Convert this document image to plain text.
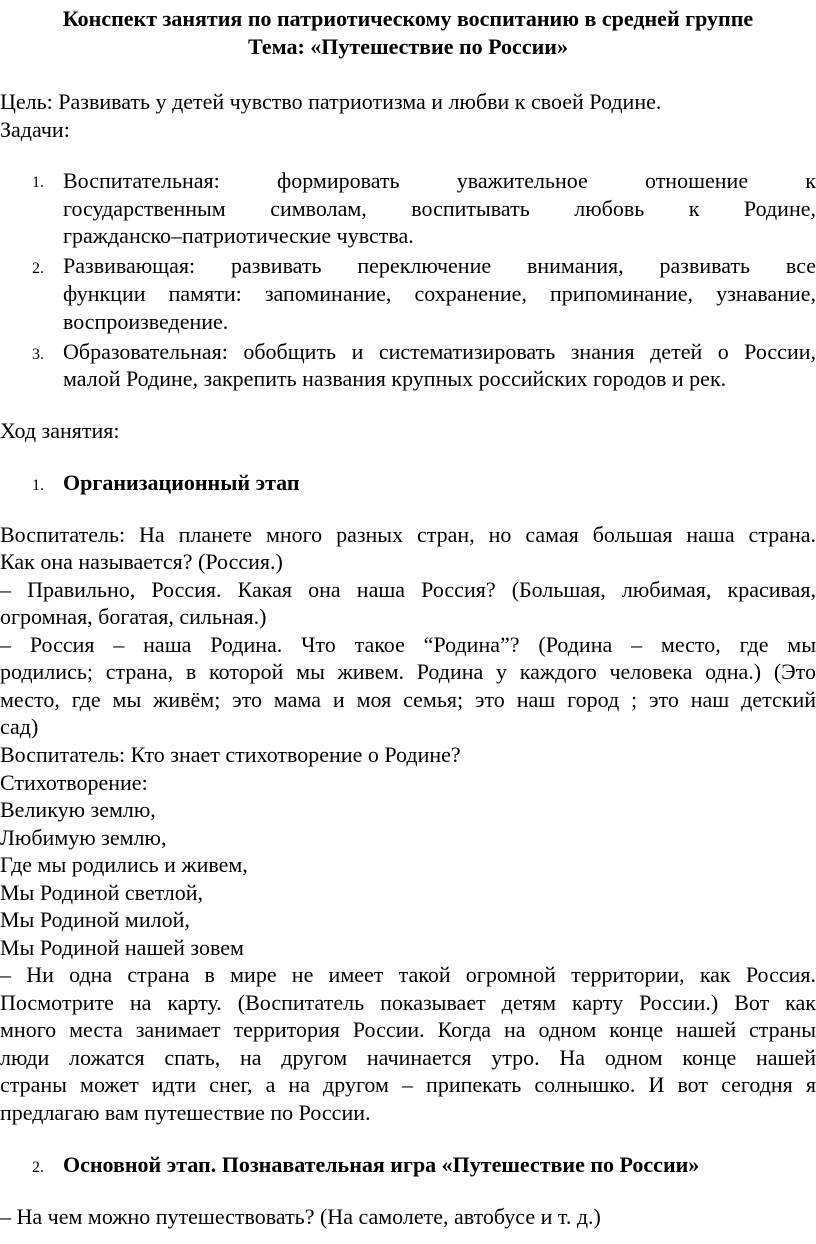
Конспект занятия по патриотическому воспитанию в средней группе
Тема: «Путешествие по России»
Цель: Развивать у детей чувство патриотизма и любви к своей Родине.
Задачи:
1. Воспитательная: формировать уважительное отношение к
государственным символам, воспитывать любовь к Родине,
гражданско–патриотические чувства.
2. Развивающая: развивать переключение внимания, развивать все
функции памяти: запоминание, сохранение, припоминание, узнавание,
воспроизведение.
3. Образовательная: обобщить и систематизировать знания детей о России,
малой Родине, закрепить названия крупных российских городов и рек.
Ход занятия:
1. Организационный этап
Воспитатель: На планете много разных стран, но самая большая наша страна.
Как она называется? (Россия.)
– Правильно, Россия. Какая она наша Россия? (Большая, любимая, красивая,
огромная, богатая, сильная.)
– Россия – наша Родина. Что такое “Родина”? (Родина – место, где мы
родились; страна, в которой мы живем. Родина у каждого человека одна.) (Это
место, где мы живём; это мама и моя семья; это наш город ; это наш детский
сад)
Воспитатель: Кто знает стихотворение о Родине?
Стихотворение:
Великую землю,
Любимую землю,
Где мы родились и живем,
Мы Родиной светлой,
Мы Родиной милой,
Мы Родиной нашей зовем
– Ни одна страна в мире не имеет такой огромной территории, как Россия.
Посмотрите на карту. (Воспитатель показывает детям карту России.) Вот как
много места занимает территория России. Когда на одном конце нашей страны
люди ложатся спать, на другом начинается утро. На одном конце нашей
страны может идти снег, а на другом – припекать солнышко. И вот сегодня я
предлагаю вам путешествие по России.
2. Основной этап. Познавательная игра «Путешествие по России»
– На чем можно путешествовать? (На самолете, автобусе и т. д.)
